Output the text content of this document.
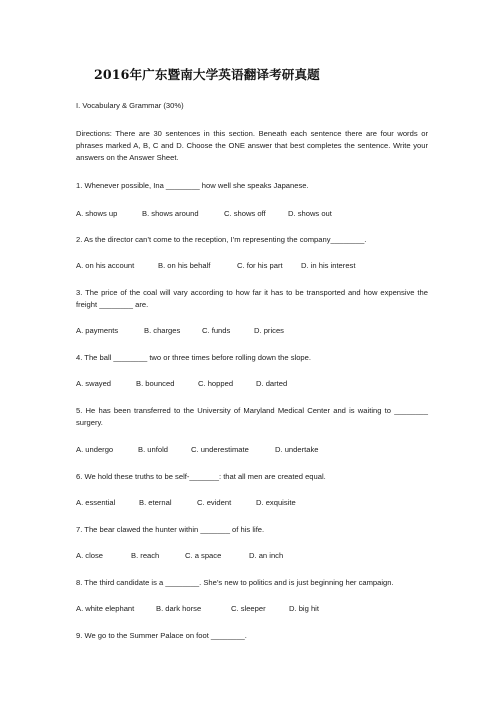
2016年广东暨南大学英语翻译考研真题
I. Vocabulary & Grammar (30%)
Directions: There are 30 sentences in this section. Beneath each sentence there are four words or phrases marked A, B, C and D. Choose the ONE answer that best completes the sentence. Write your answers on the Answer Sheet.
1. Whenever possible, Ina ________ how well she speaks Japanese.
A. shows up	B. shows around	C. shows off	D. shows out
2. As the director can’t come to the reception, I’m representing the company________.
A. on his account	B. on his behalf	C. for his part D. in his interest
3. The price of the coal will vary according to how far it has to be transported and how expensive the freight ________ are.
A. payments	B. charges	C. funds	D. prices
4. The ball ________ two or three times before rolling down the slope.
A. swayed	B. bounced	C. hopped	D. darted
5. He has been transferred to the University of Maryland Medical Center and is waiting to ________ surgery.
A. undergo	B. unfold	C. underestimate	D. undertake
6. We hold these truths to be self-_______: that all men are created equal.
A. essential	B. eternal	C. evident	D. exquisite
7. The bear clawed the hunter within _______ of his life.
A. close	B. reach	C. a space	D. an inch
8. The third candidate is a ________. She’s new to politics and is just beginning her campaign.
A. white elephant	B. dark horse	C. sleeper	D. big hit
9. We go to the Summer Palace on foot ________.
